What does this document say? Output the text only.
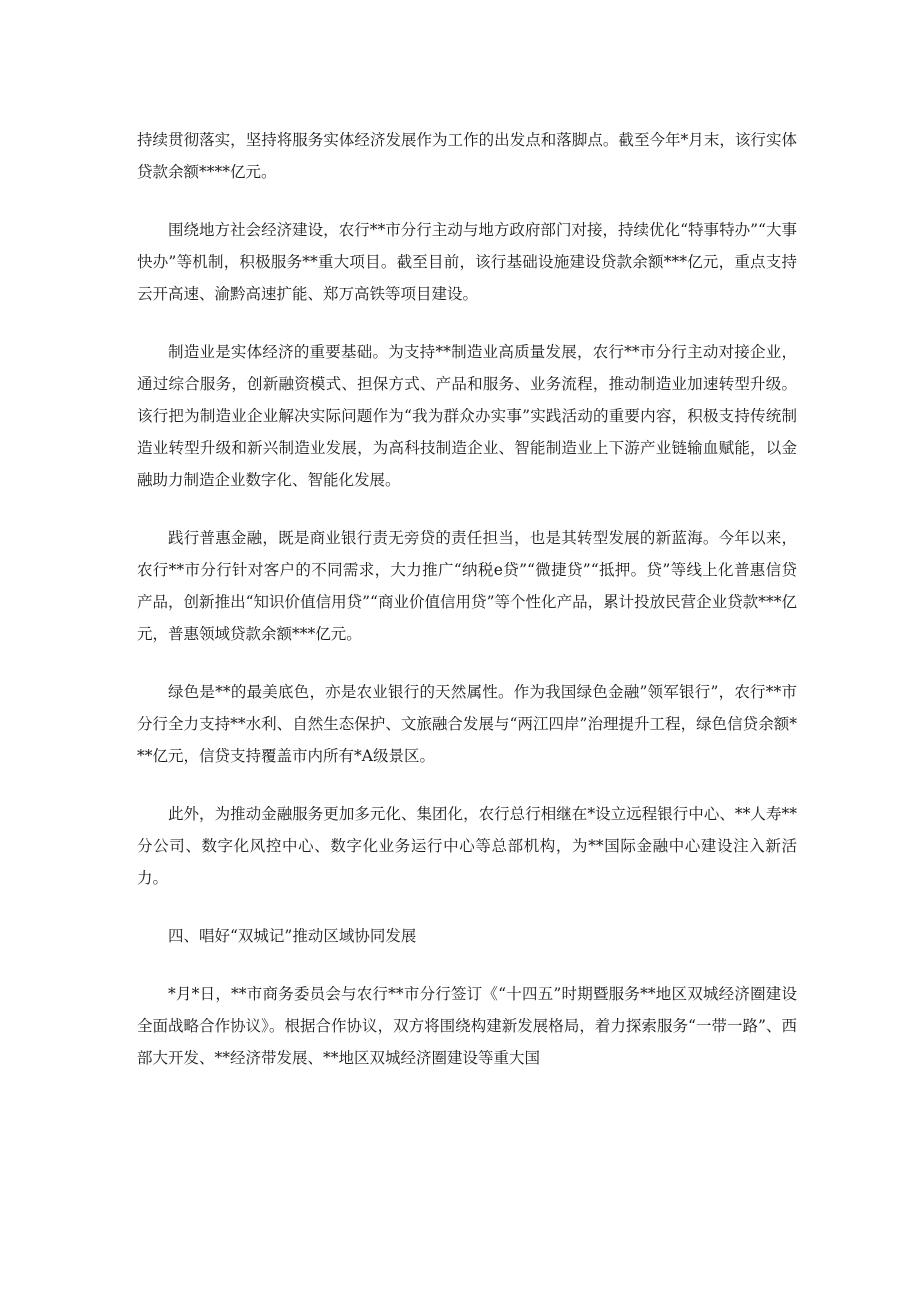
持续贯彻落实，坚持将服务实体经济发展作为工作的出发点和落脚点。截至今年*月末，该行实体贷款余额****亿元。

围绕地方社会经济建设，农行**市分行主动与地方政府部门对接，持续优化“特事特办”“大事快办”等机制，积极服务**重大项目。截至目前，该行基础设施建设贷款余额***亿元，重点支持云开高速、渝黔高速扩能、郑万高铁等项目建设。

制造业是实体经济的重要基础。为支持**制造业高质量发展，农行**市分行主动对接企业，通过综合服务，创新融资模式、担保方式、产品和服务、业务流程，推动制造业加速转型升级。该行把为制造业企业解决实际问题作为“我为群众办实事”实践活动的重要内容，积极支持传统制造业转型升级和新兴制造业发展，为高科技制造企业、智能制造业上下游产业链输血赋能，以金融助力制造企业数字化、智能化发展。

践行普惠金融，既是商业银行责无旁贷的责任担当，也是其转型发展的新蓝海。今年以来，农行**市分行针对客户的不同需求，大力推广“纳税e贷”“微捷贷”“抵押。贷”等线上化普惠信贷产品，创新推出“知识价值信用贷”“商业价值信用贷”等个性化产品，累计投放民营企业贷款***亿元，普惠领域贷款余额***亿元。

绿色是**的最美底色，亦是农业银行的天然属性。作为我国绿色金融”领军银行”，农行**市分行全力支持**水利、自然生态保护、文旅融合发展与“两江四岸”治理提升工程，绿色信贷余额***亿元，信贷支持覆盖市内所有*A级景区。

此外，为推动金融服务更加多元化、集团化，农行总行相继在*设立远程银行中心、**人寿**分公司、数字化风控中心、数字化业务运行中心等总部机构，为**国际金融中心建设注入新活力。

四、唱好“双城记”推动区域协同发展

*月*日，**市商务委员会与农行**市分行签订《“十四五”时期暨服务**地区双城经济圈建设全面战略合作协议》。根据合作协议，双方将围绕构建新发展格局，着力探索服务“一带一路”、西部大开发、**经济带发展、**地区双城经济圈建设等重大国
